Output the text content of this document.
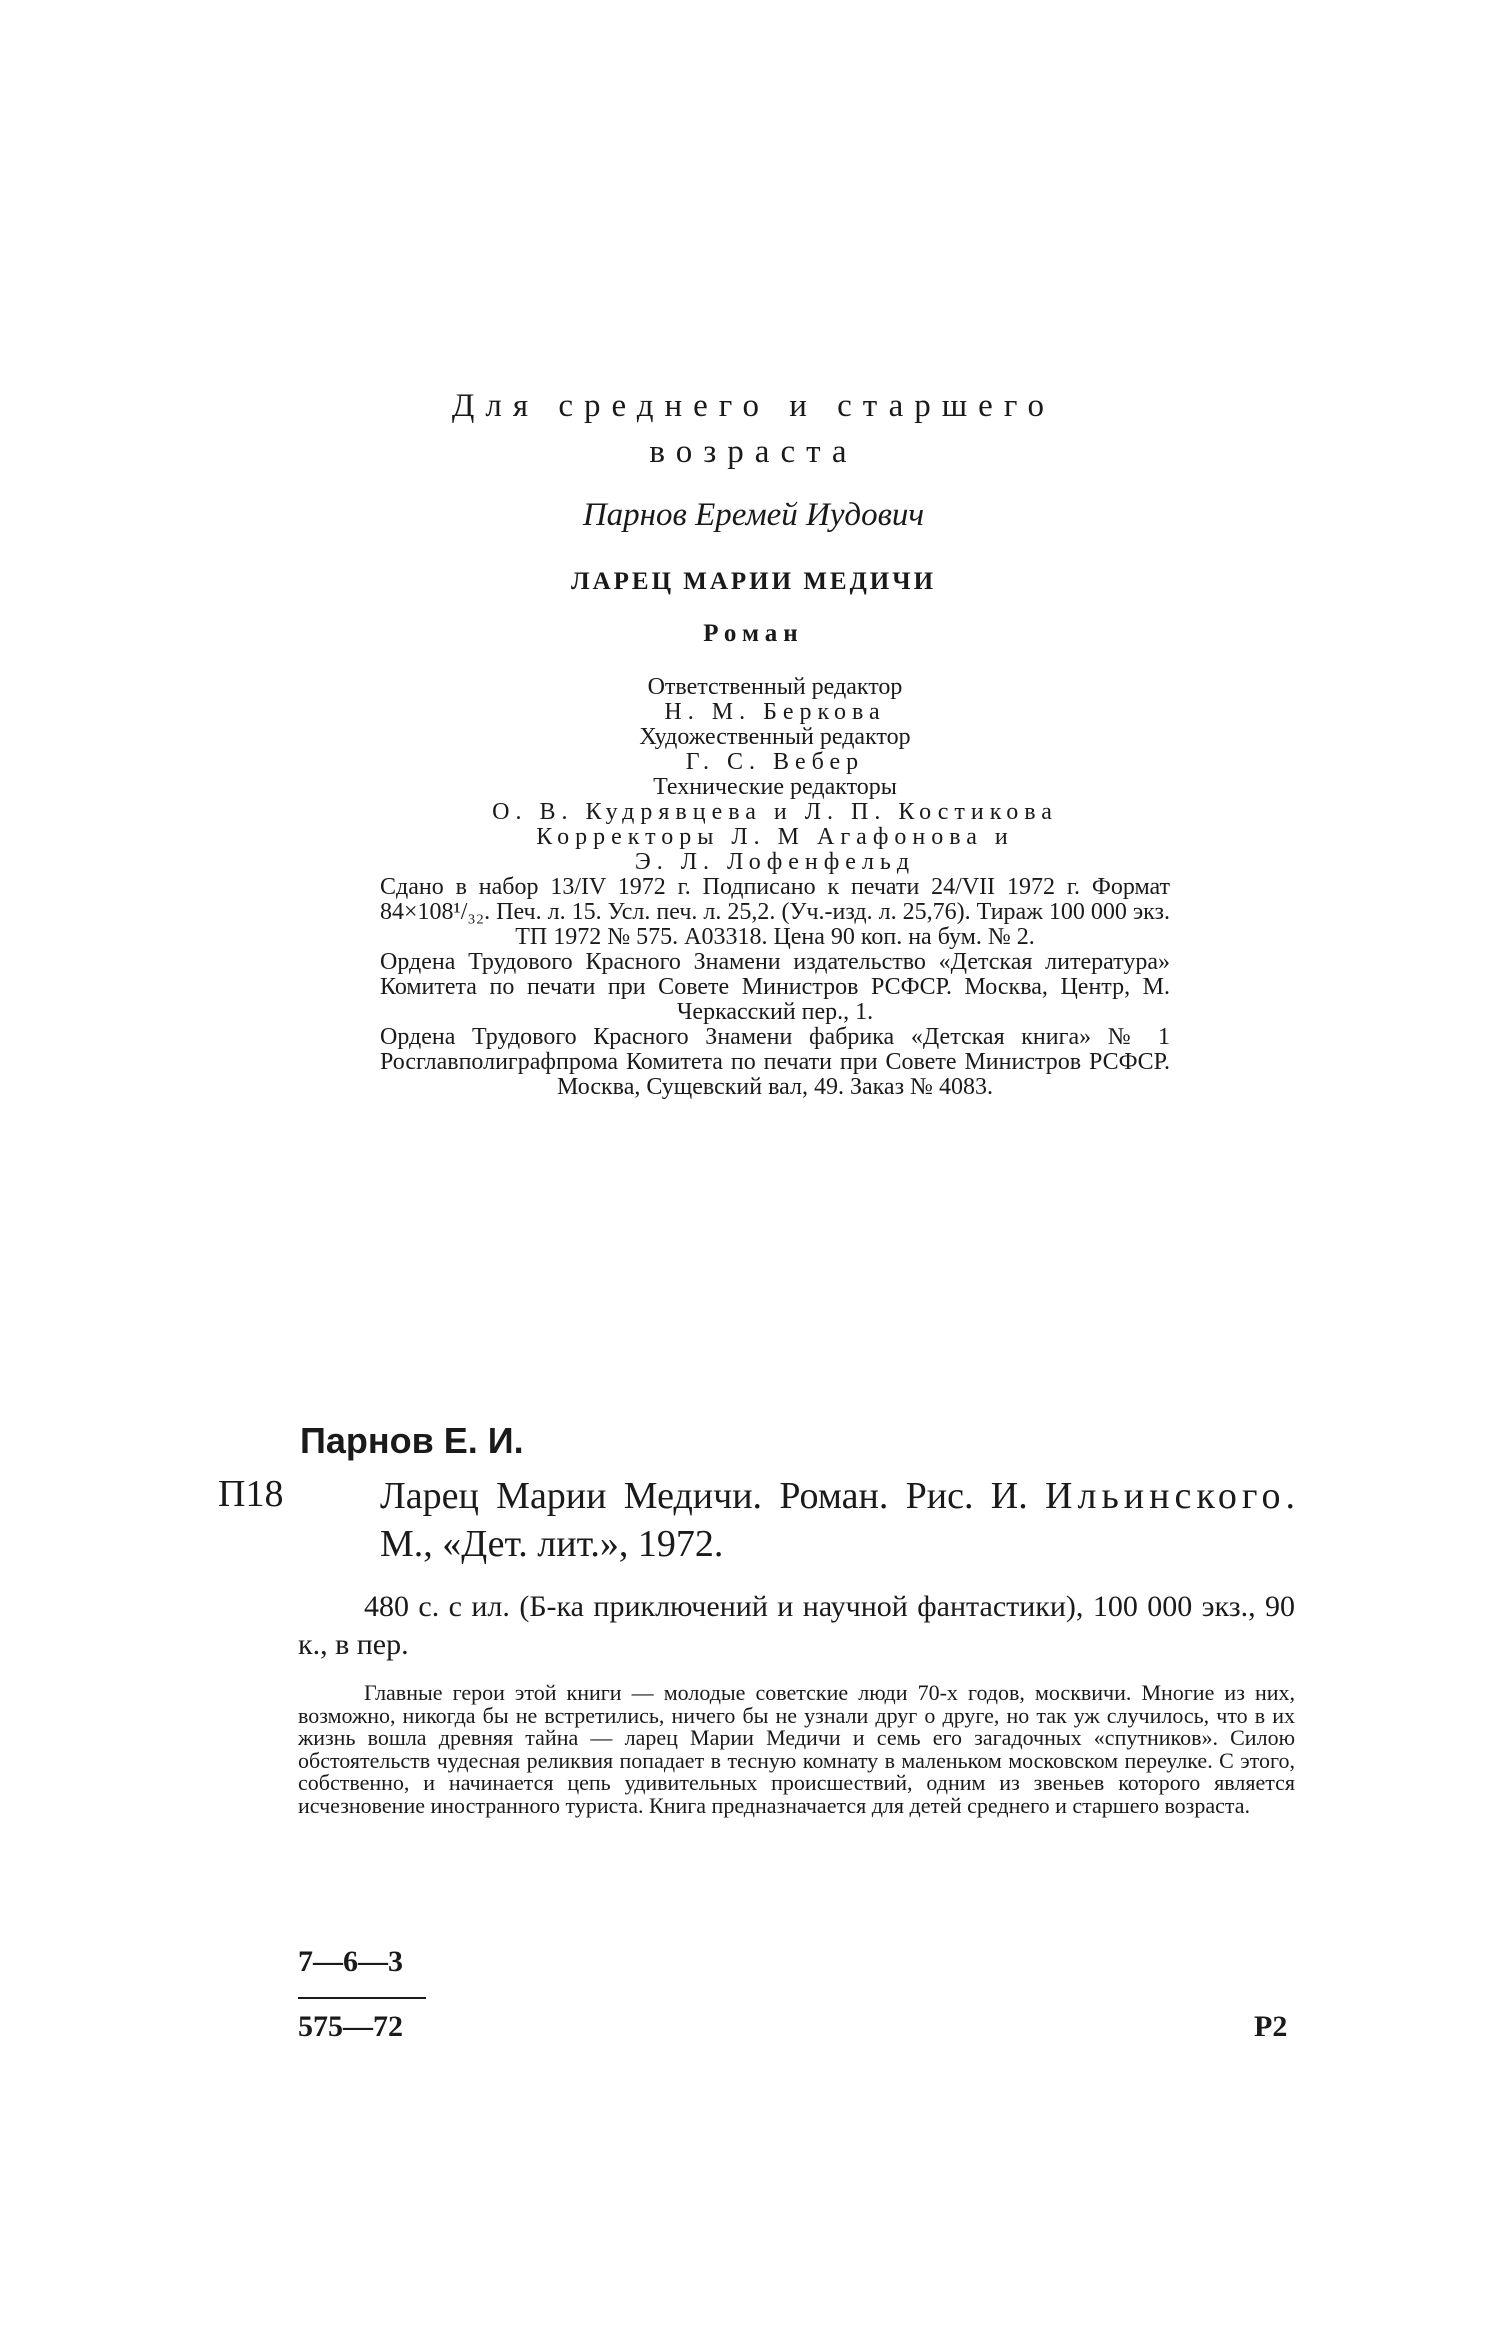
Для среднего и старшего
возраста
Парнов Еремей Иудович
ЛАРЕЦ МАРИИ МЕДИЧИ
Роман
Ответственный редактор
Н. М. Беркова
Художественный редактор
Г. С. Вебер
Технические редакторы
О. В. Кудрявцева и Л. П. Костикова
Корректоры Л. М Агафонова и
Э. Л. Лофенфельд
Сдано в набор 13/IV 1972 г. Подписано к печати 24/VII 1972 г. Формат 84×108¹/₃₂. Печ. л. 15. Усл. печ. л. 25,2. (Уч.-изд. л. 25,76). Тираж 100 000 экз. ТП 1972 № 575. А03318. Цена 90 коп. на бум. № 2.
Ордена Трудового Красного Знамени издательство «Детская литература» Комитета по печати при Совете Министров РСФСР. Москва, Центр, М. Черкасский пер., 1.
Ордена Трудового Красного Знамени фабрика «Детская книга» № 1 Росглавполиграфпрома Комитета по печати при Совете Министров РСФСР. Москва, Сущевский вал, 49. Заказ № 4083.
Парнов Е. И.
П18	Ларец Марии Медичи. Роман. Рис. И. Ильинского. М., «Дет. лит.», 1972.
480 с. с ил. (Б-ка приключений и научной фантастики), 100 000 экз., 90 к., в пер.
Главные герои этой книги — молодые советские люди 70-х годов, москвичи. Многие из них, возможно, никогда бы не встретились, ничего бы не узнали друг о друге, но так уж случилось, что в их жизнь вошла древняя тайна — ларец Марии Медичи и семь его загадочных «спутников». Силою обстоятельств чудесная реликвия попадает в тесную комнату в маленьком московском переулке. С этого, собственно, и начинается цепь удивительных происшествий, одним из звеньев которого является исчезновение иностранного туриста. Книга предназначается для детей среднего и старшего возраста.
7—6—3
575—72	Р2
